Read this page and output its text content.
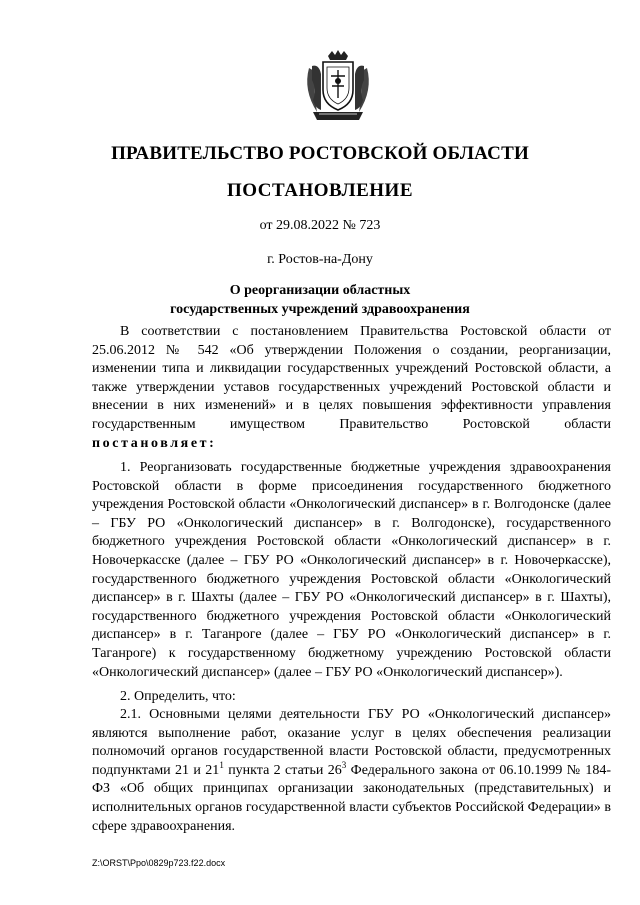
ПРАВИТЕЛЬСТВО РОСТОВСКОЙ ОБЛАСТИ
ПОСТАНОВЛЕНИЕ
от 29.08.2022 № 723
г. Ростов-на-Дону
О реорганизации областных
государственных учреждений здравоохранения
В соответствии с постановлением Правительства Ростовской области от 25.06.2012 № 542 «Об утверждении Положения о создании, реорганизации, изменении типа и ликвидации государственных учреждений Ростовской области, а также утверждении уставов государственных учреждений Ростовской области и внесении в них изменений» и в целях повышения эффективности управления государственным имуществом Правительство Ростовской области постановляет:
1. Реорганизовать государственные бюджетные учреждения здравоохранения Ростовской области в форме присоединения государственного бюджетного учреждения Ростовской области «Онкологический диспансер» в г. Волгодонске (далее – ГБУ РО «Онкологический диспансер» в г. Волгодонске), государственного бюджетного учреждения Ростовской области «Онкологический диспансер» в г. Новочеркасске (далее – ГБУ РО «Онкологический диспансер» в г. Новочеркасске), государственного бюджетного учреждения Ростовской области «Онкологический диспансер» в г. Шахты (далее – ГБУ РО «Онкологический диспансер» в г. Шахты), государственного бюджетного учреждения Ростовской области «Онкологический диспансер» в г. Таганроге (далее – ГБУ РО «Онкологический диспансер» в г. Таганроге) к государственному бюджетному учреждению Ростовской области «Онкологический диспансер» (далее – ГБУ РО «Онкологический диспансер»).
2. Определить, что:
2.1. Основными целями деятельности ГБУ РО «Онкологический диспансер» являются выполнение работ, оказание услуг в целях обеспечения реализации полномочий органов государственной власти Ростовской области, предусмотренных подпунктами 21 и $21^1$ пункта 2 статьи $26^3$ Федерального закона от 06.10.1999 № 184-ФЗ «Об общих принципах организации законодательных (представительных) и исполнительных органов государственной власти субъектов Российской Федерации» в сфере здравоохранения.
Z:\ORST\Ppo\0829p723.f22.docx
